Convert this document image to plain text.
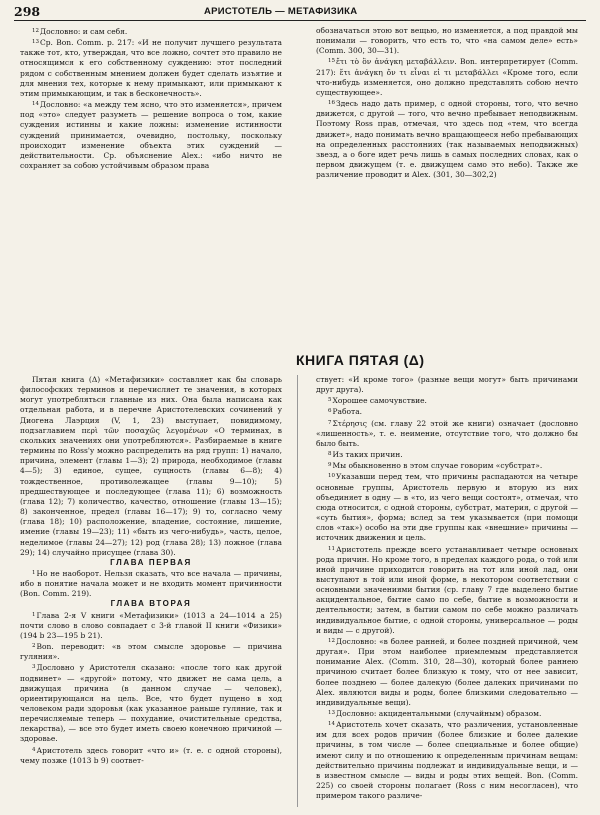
298	АРИСТОТЕЛЬ — МЕТАФИЗИКА

$^{12}$Дословно: и сам себя.

$^{13}$Ср. Bon. Comm. p. 217: «И не получит лучшего результата также тот, кто, утверждая, что все ложно, сочтет это правило не относящимся к его собственному суждению: этот последний рядом с собственным мнением должен будет сделать изъятие и для мнения тех, которые к нему примыкают, или примыкают к этим примыкающим, и так в бесконечность».

$^{14}$Дословно: «а между тем ясно, что это изменяется», причем под «это» следует разуметь — решение вопроса о том, какие суждения истинны и какие ложны: изменение истинности суждений принимается, очевидно, постольку, поскольку происходит изменение объекта этих суждений — действительности. Ср. объяснение Alex.: «ибо ничто не сохраняет за собою устойчивым образом права

обозначаться этою вот вещью, но изменяется, а под правдой мы понимали — говорить, что есть то, что «на самом деле» есть» (Comm. 300, 30—31).

$^{15}$ἔτι τὸ ὂν ἀνάγκη μεταβάλλειν. Bon. интерпретирует (Comm. 217): ἔτι ἀνάγκη ὄν τι εἶναι εἰ τι μεταβάλλει «Кроме того, если что-нибудь изменяется, оно должно представлять собою нечто существующее».

$^{16}$Здесь надо дать пример, с одной стороны, того, что вечно движется, с другой — того, что вечно пребывает неподвижным. Поэтому Ross прав, отмечая, что здесь под «тем, что всегда движет», надо понимать вечно вращающееся небо пребывающих на определенных расстояниях (так называемых неподвижных) звезд, а о боге идет речь лишь в самых последних словах, как о первом движущем (т. е. движущем само это небо). Также же различение проводит и Alex. (301, 30—302,2)

КНИГА ПЯТАЯ (Δ)

Пятая книга (Δ) «Метафизики» составляет как бы словарь философских терминов и перечисляет те значения, в которых могут употребляться главные из них. Она была написана как отдельная работа, и в перечне Аристотелевских сочинений у Диогена Лаэрция (V, 1, 23) выступает, повидимому, подзаглавием περὶ τῶν ποσαχῶς λεγομένων «О терминах, в сколькиx значениях они употребляются». Разбираемые в книге термины по Ross'у можно распределить на ряд групп: 1) начало, причина, элемент (главы 1—3); 2) природа, необходимое (главы 4—5); 3) единое, сущее, сущность (главы 6—8); 4) тождественное, противолежащее (главы 9—10); 5) предшествующее и последующее (глава 11); 6) возможность (глава 12); 7) количество, качество, отношение (главы 13—15); 8) законченное, предел (главы 16—17); 9) то, согласно чему (глава 18); 10) расположение, владение, состояние, лишение, имение (главы 19—23); 11) «быть из чего-нибудь», часть, целое, неделимое (главы 24—27); 12) род (глава 28); 13) ложное (глава 29); 14) случайно присущее (глава 30).

ГЛАВА ПЕРВАЯ

$^1$Но не наоборот. Нельзя сказать, что все начала — причины, ибо в понятие начала может и не входить момент причинности (Bon. Comm. 219).

ГЛАВА ВТОРАЯ

$^1$Глава 2-я V книги «Метафизики» (1013 a 24—1014 a 25) почти слово в слово совпадает с 3-й главой II книги «Физики» (194 b 23—195 b 21).

$^2$Bon. переводит: «в этом смысле здоровье — причина гуляния».

$^3$Дословно у Аристотеля сказано: «после того как другой подвинет» — «другой» потому, что движет не сама цель, а движущая причина (в данном случае — человек), ориентирующаяся на цель. Все, что будет пущено в ход человеком ради здоровья (как указанное раньше гуляние, так и перечисляемые теперь — похудание, очистительные средства, лекарства), — все это будет иметь своею конечною причиной — здоровье.

$^4$Аристотель здесь говорит «что и» (т. е. с одной стороны), чему позже (1013 b 9) соответ-

ствует: «И кроме того» (разные вещи могут» быть причинами друг друга).

$^5$Хорошее самочувствие.

$^6$Работа.

$^7$Στέρησις (см. главу 22 этой же книги) означает (дословно «лишенность», т. е. неимение, отсутствие того, что должно бы было быть.

$^8$Из таких причин.

$^9$Мы обыкновенно в этом случае говорим «субстрат».

$^{10}$Указавши перед тем, что причины распадаются на четыре основные группы, Аристотель первую и вторую из них объединяет в одну — в «то, из чего вещи состоят», отмечая, что сюда относится, с одной стороны, субстрат, материя, с другой — «суть бытия», форма; вслед за тем указывается (при помощи слов «так») особо на эти две группы как «внешние» причины — источник движения и цель.

$^{11}$Аристотель прежде всего устанавливает четыре основных рода причин. Но кроме того, в пределах каждого рода, о той или иной причине приходится говорить на тот или иной лад, они выступают в той или иной форме, в некотором соответствии с основными значениями бытия (ср. главу 7 где выделено бытие акцидентальное, бытие само по себе, бытие в возможности и деятельности; затем, в бытии самом по себе можно различать индивидуальное бытие, с одной стороны, универсальное — роды и виды — с другой).

$^{12}$Дословно: «в более ранней, и более поздней причиной, чем другая». При этом наиболее приемлемым представляется понимание Alex. (Comm. 310, 28—30), который более раннею причиною считает более близкую к тому, что от нее зависит, более позднею — более далекую (более далеких причинами по Alex. являются виды и роды, более близкими следовательно — индивидуальные вещи).

$^{13}$Дословно: акцидентальными (случайным) образом.

$^{14}$Аристотель хочет сказать, что различения, установленные им для всех родов причин (более близкие и более далекие причины, в том числе — более специальные и более общие) имеют силу и по отношению к определенным причинам вещам: действительно причины подлежат и индивидуальные вещи, и — в известном смысле — виды и роды этих вещей. Bon. (Comm. 225) со своей стороны полагает (Ross с ним несогласен), что примером такого различе-
